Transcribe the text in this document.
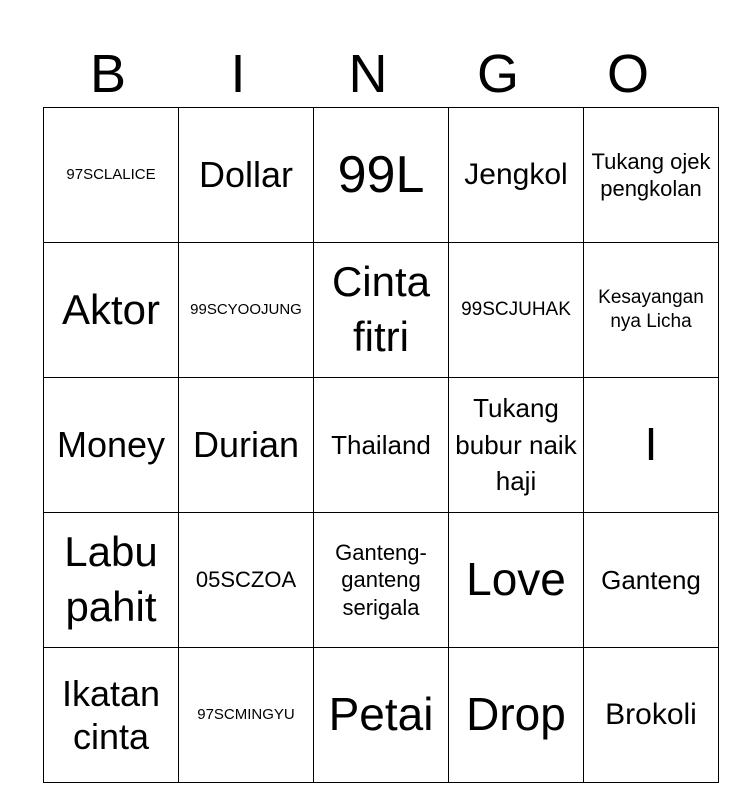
B	I	N	G	O
97SCLALICE	Dollar	99L	Jengkol	Tukang ojek pengkolan
Aktor	99SCYOOJUNG	Cinta fitri	99SCJUHAK	Kesayangan nya Licha
Money	Durian	Thailand	Tukang bubur naik haji	I
Labu pahit	05SCZOA	Ganteng-ganteng serigala	Love	Ganteng
Ikatan cinta	97SCMINGYU	Petai	Drop	Brokoli
